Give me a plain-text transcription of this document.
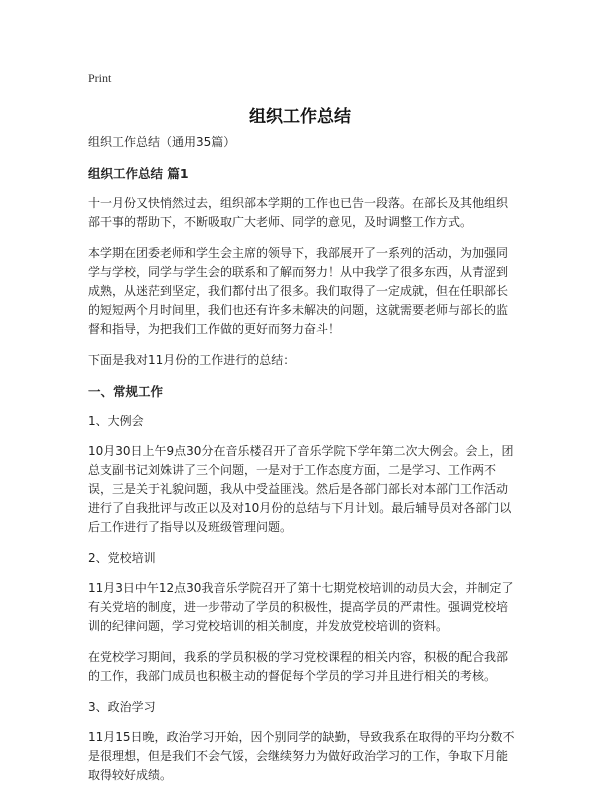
Print
组织工作总结

组织工作总结（通用35篇）

组织工作总结 篇1

十一月份又快悄然过去，组织部本学期的工作也已告一段落。在部长及其他组织部干事的帮助下，不断吸取广大老师、同学的意见，及时调整工作方式。

本学期在团委老师和学生会主席的领导下，我部展开了一系列的活动，为加强同学与学校，同学与学生会的联系和了解而努力！从中我学了很多东西，从青涩到成熟，从迷茫到坚定，我们都付出了很多。我们取得了一定成就，但在任职部长的短短两个月时间里，我们也还有许多未解决的问题，这就需要老师与部长的监督和指导，为把我们工作做的更好而努力奋斗！

下面是我对11月份的工作进行的总结：

一、常规工作

1、大例会

10月30日上午9点30分在音乐楼召开了音乐学院下学年第二次大例会。会上，团总支副书记刘姝讲了三个问题，一是对于工作态度方面，二是学习、工作两不误，三是关于礼貌问题，我从中受益匪浅。然后是各部门部长对本部门工作活动进行了自我批评与改正以及对10月份的总结与下月计划。最后辅导员对各部门以后工作进行了指导以及班级管理问题。

2、党校培训

11月3日中午12点30我音乐学院召开了第十七期党校培训的动员大会，并制定了有关党培的制度，进一步带动了学员的积极性，提高学员的严肃性。强调党校培训的纪律问题，学习党校培训的相关制度，并发放党校培训的资料。

在党校学习期间，我系的学员积极的学习党校课程的相关内容，积极的配合我部的工作，我部门成员也积极主动的督促每个学员的学习并且进行相关的考核。

3、政治学习

11月15日晚，政治学习开始，因个别同学的缺勤，导致我系在取得的平均分数不是很理想，但是我们不会气馁，会继续努力为做好政治学习的工作，争取下月能取得较好成绩。
